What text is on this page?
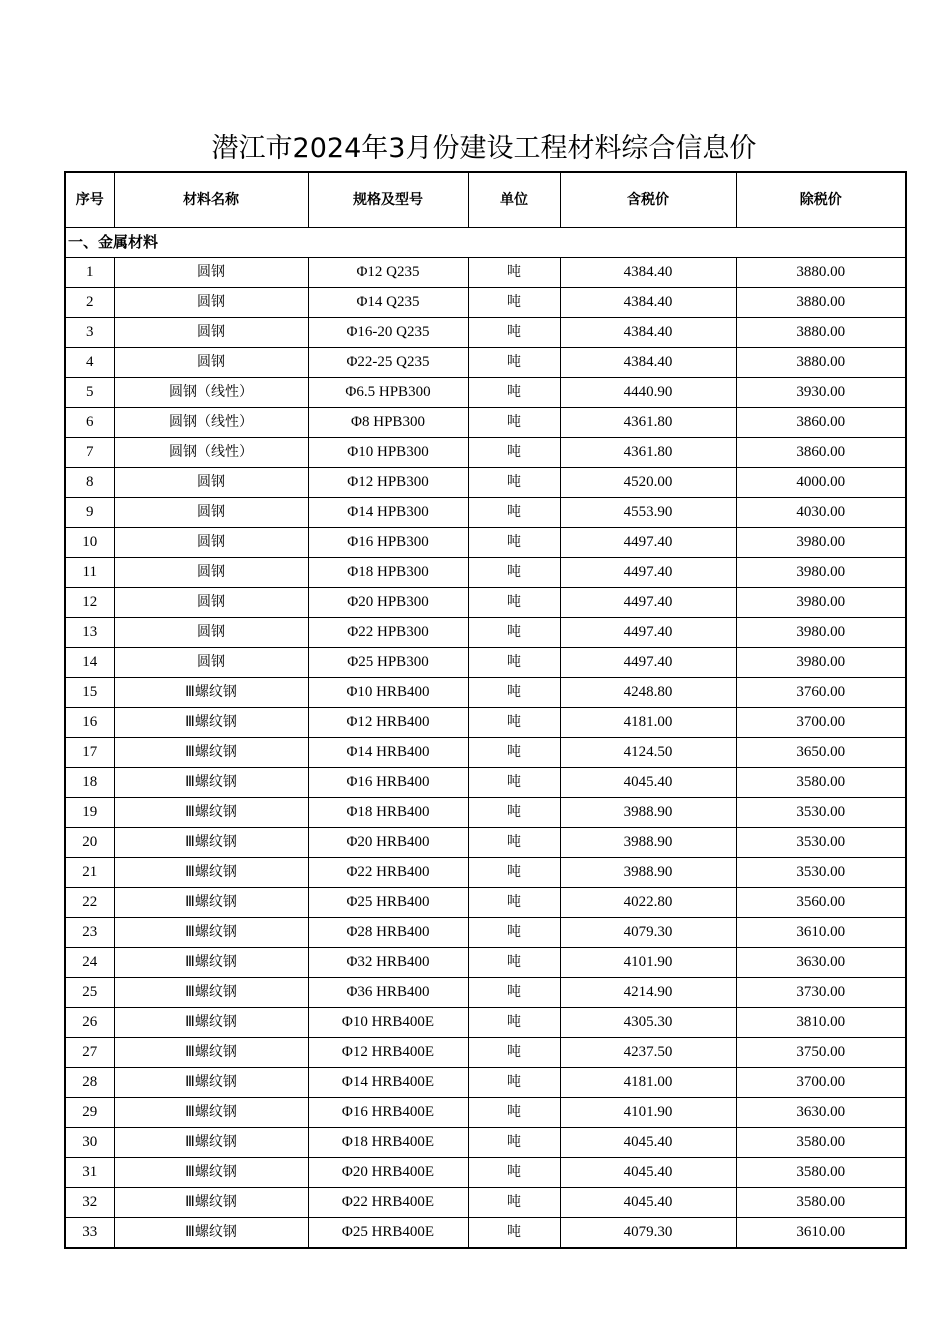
潜江市2024年3月份建设工程材料综合信息价
序号	材料名称	规格及型号	单位	含税价	除税价
一、金属材料					
1	圆钢	Φ12 Q235	吨	4384.40	3880.00
2	圆钢	Φ14 Q235	吨	4384.40	3880.00
3	圆钢	Φ16-20 Q235	吨	4384.40	3880.00
4	圆钢	Φ22-25 Q235	吨	4384.40	3880.00
5	圆钢（线性）	Φ6.5 HPB300	吨	4440.90	3930.00
6	圆钢（线性）	Φ8 HPB300	吨	4361.80	3860.00
7	圆钢（线性）	Φ10 HPB300	吨	4361.80	3860.00
8	圆钢	Φ12 HPB300	吨	4520.00	4000.00
9	圆钢	Φ14 HPB300	吨	4553.90	4030.00
10	圆钢	Φ16 HPB300	吨	4497.40	3980.00
11	圆钢	Φ18 HPB300	吨	4497.40	3980.00
12	圆钢	Φ20 HPB300	吨	4497.40	3980.00
13	圆钢	Φ22 HPB300	吨	4497.40	3980.00
14	圆钢	Φ25 HPB300	吨	4497.40	3980.00
15	Ⅲ螺纹钢	Φ10 HRB400	吨	4248.80	3760.00
16	Ⅲ螺纹钢	Φ12 HRB400	吨	4181.00	3700.00
17	Ⅲ螺纹钢	Φ14 HRB400	吨	4124.50	3650.00
18	Ⅲ螺纹钢	Φ16 HRB400	吨	4045.40	3580.00
19	Ⅲ螺纹钢	Φ18 HRB400	吨	3988.90	3530.00
20	Ⅲ螺纹钢	Φ20 HRB400	吨	3988.90	3530.00
21	Ⅲ螺纹钢	Φ22 HRB400	吨	3988.90	3530.00
22	Ⅲ螺纹钢	Φ25 HRB400	吨	4022.80	3560.00
23	Ⅲ螺纹钢	Φ28 HRB400	吨	4079.30	3610.00
24	Ⅲ螺纹钢	Φ32 HRB400	吨	4101.90	3630.00
25	Ⅲ螺纹钢	Φ36 HRB400	吨	4214.90	3730.00
26	Ⅲ螺纹钢	Φ10 HRB400E	吨	4305.30	3810.00
27	Ⅲ螺纹钢	Φ12 HRB400E	吨	4237.50	3750.00
28	Ⅲ螺纹钢	Φ14 HRB400E	吨	4181.00	3700.00
29	Ⅲ螺纹钢	Φ16 HRB400E	吨	4101.90	3630.00
30	Ⅲ螺纹钢	Φ18 HRB400E	吨	4045.40	3580.00
31	Ⅲ螺纹钢	Φ20 HRB400E	吨	4045.40	3580.00
32	Ⅲ螺纹钢	Φ22 HRB400E	吨	4045.40	3580.00
33	Ⅲ螺纹钢	Φ25 HRB400E	吨	4079.30	3610.00
